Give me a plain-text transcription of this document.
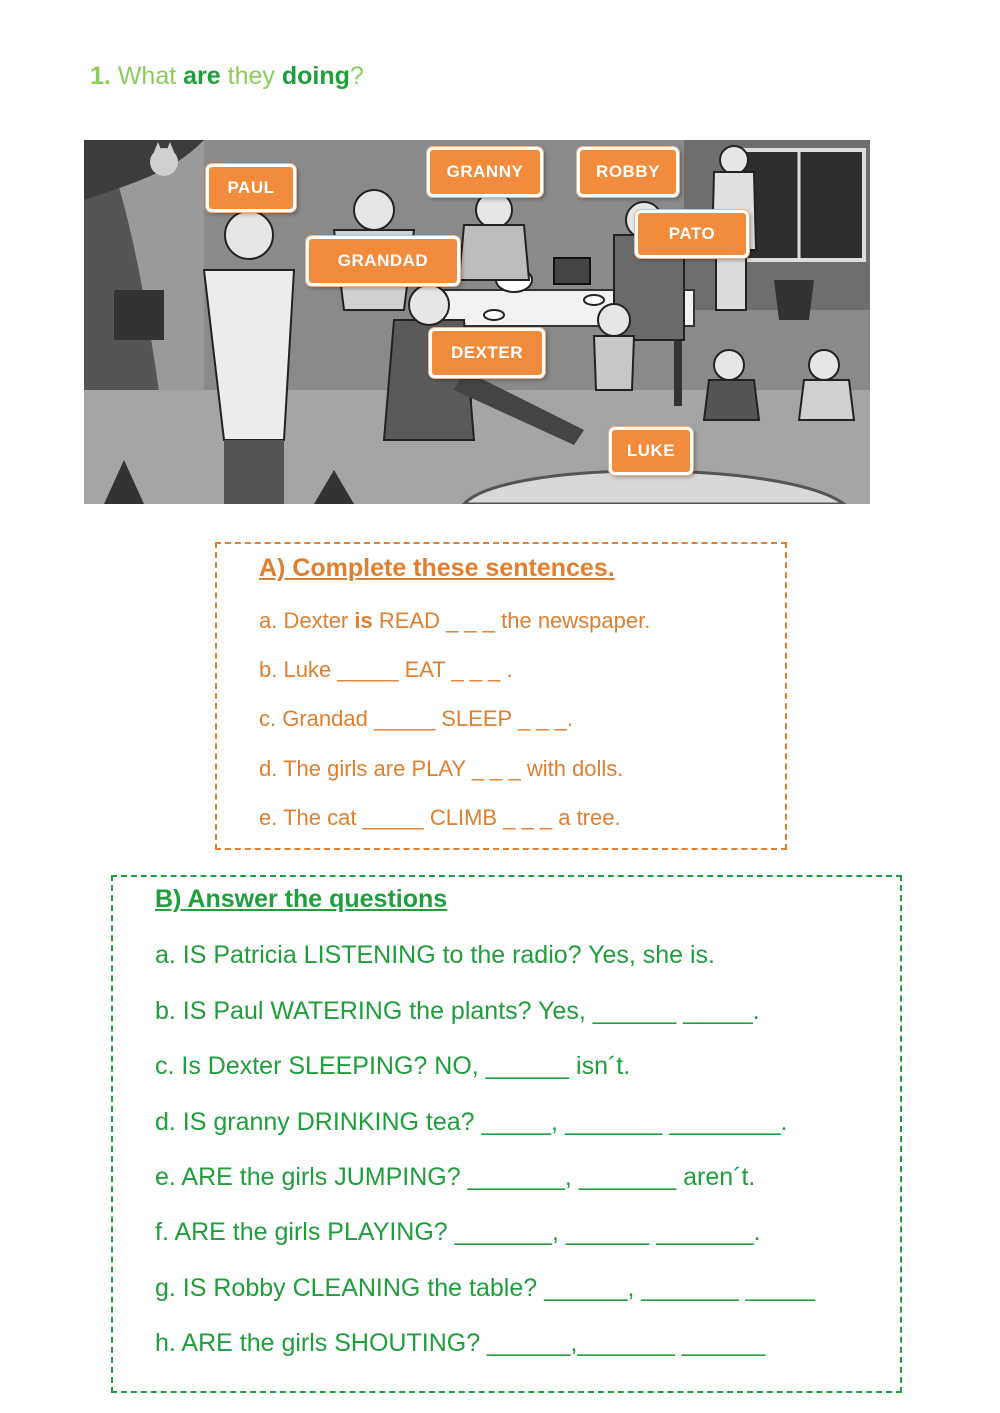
1. What are they doing?
PAUL
GRANNY	ROBBY
PATO
GRANDAD
DEXTER
LUKE
A) Complete these sentences.
a. Dexter is READ _ _ _ the newspaper.
b. Luke _____ EAT _ _ _ .
c. Grandad _____ SLEEP _ _ _.
d. The girls are PLAY _ _ _ with dolls.
e. The cat _____ CLIMB _ _ _ a tree.
B) Answer the questions
a. IS Patricia LISTENING to the radio? Yes, she is.
b. IS Paul WATERING the plants? Yes, ______ _____.
c. Is Dexter SLEEPING? NO, ______ isn´t.
d. IS granny DRINKING tea? _____, _______ ________.
e. ARE the girls JUMPING? _______, _______ aren´t.
f. ARE the girls PLAYING? _______, ______ _______.
g. IS Robby CLEANING the table? ______, _______ _____
h. ARE the girls SHOUTING? ______,_______ ______
